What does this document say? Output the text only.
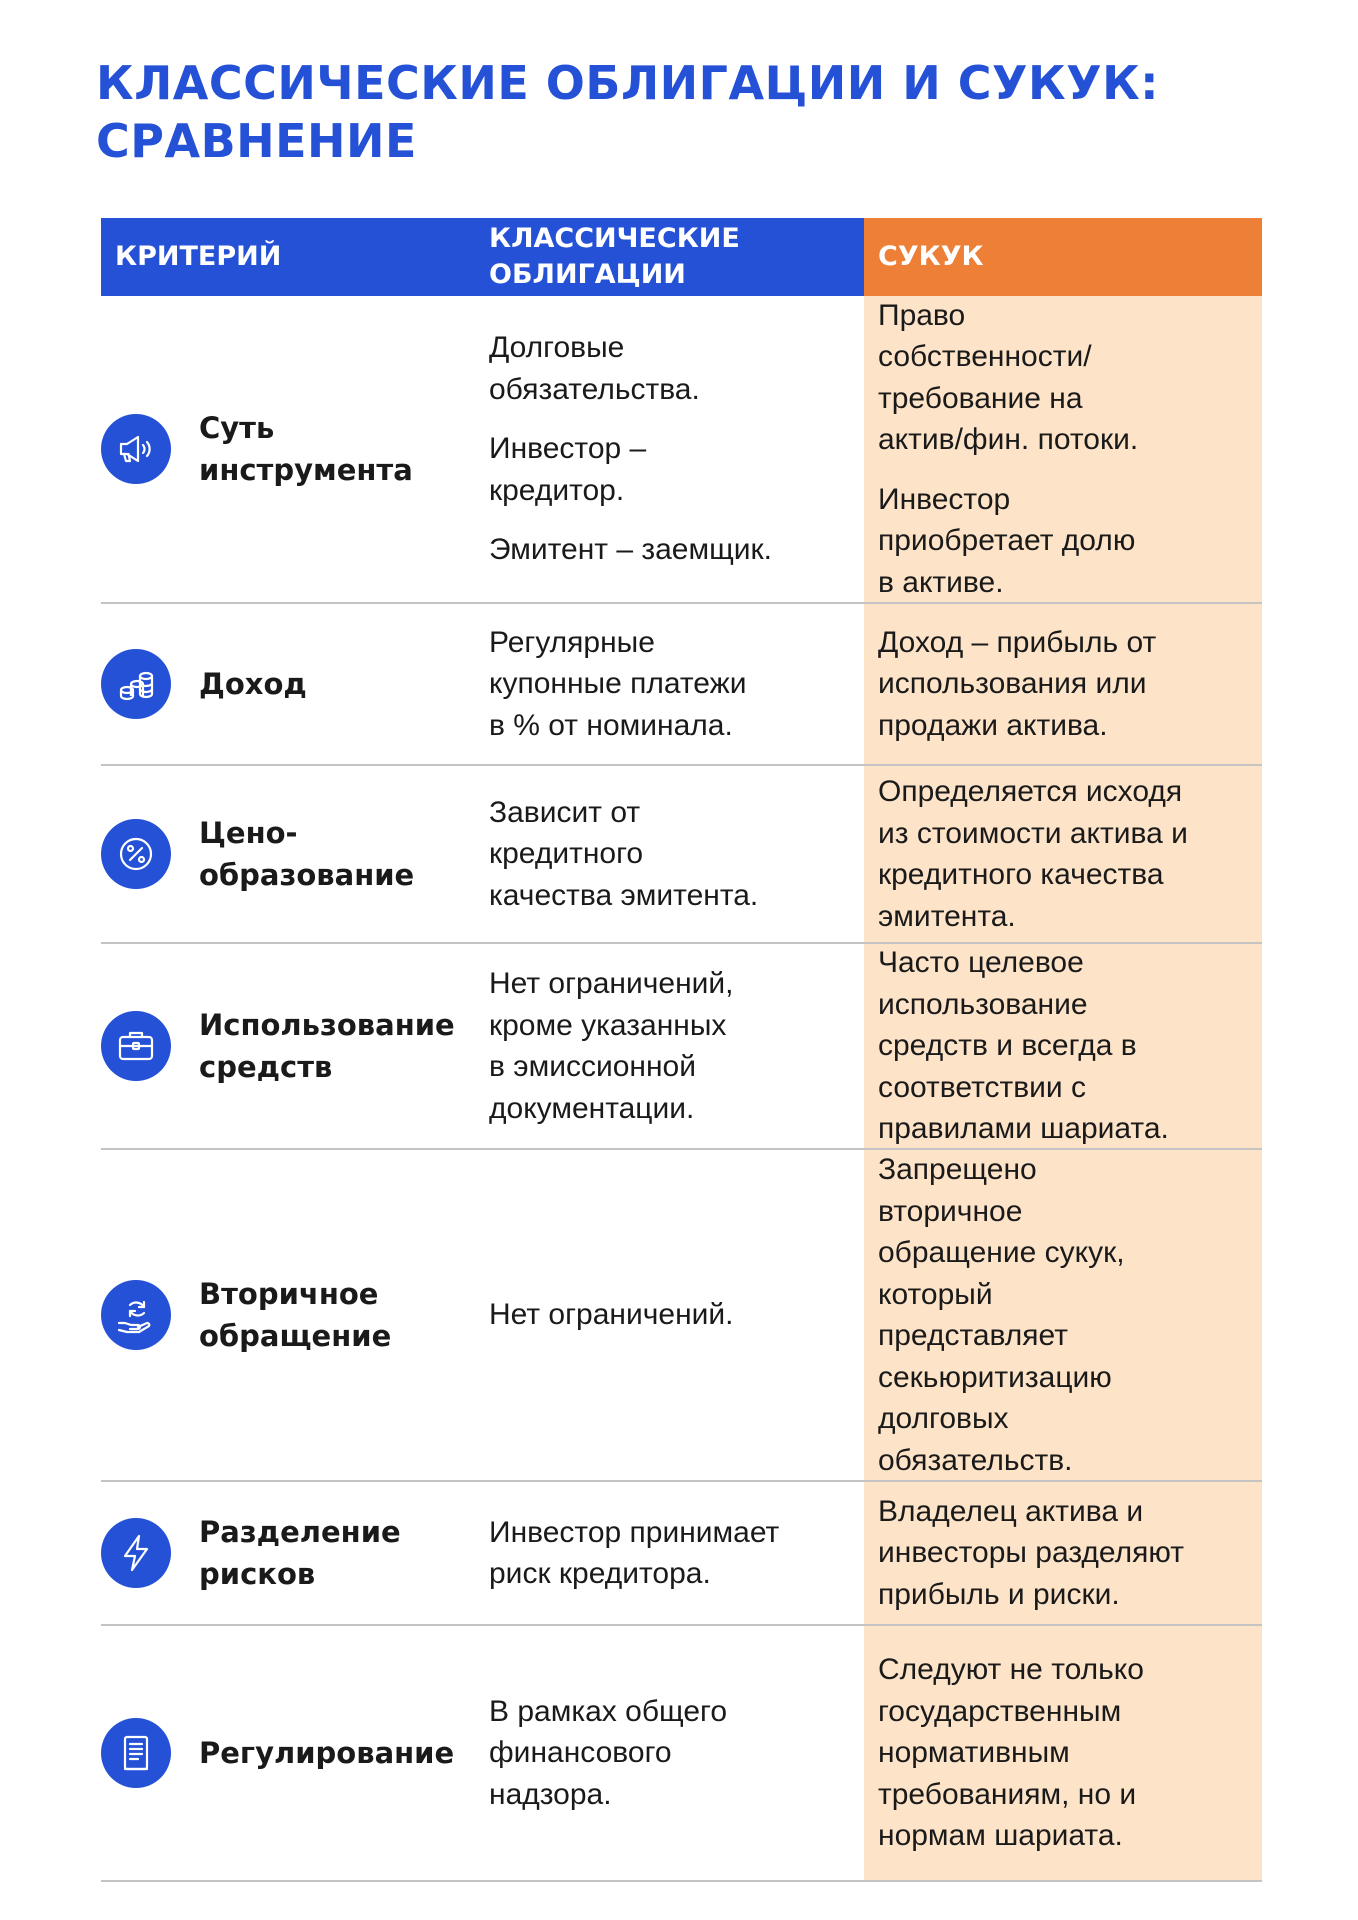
КЛАССИЧЕСКИЕ ОБЛИГАЦИИ И СУКУК:
СРАВНЕНИЕ
КРИТЕРИЙ
КЛАССИЧЕСКИЕ
ОБЛИГАЦИИ
СУКУК
Суть
инструмента
Долговые
обязательства.
Инвестор –
кредитор.
Эмитент – заемщик.
Право
собственности/
требование на
актив/фин. потоки.
Инвестор
приобретает долю
в активе.
Доход
Регулярные
купонные платежи
в % от номинала.
Доход – прибыль от
использования или
продажи актива.
Цено-
образование
Зависит от
кредитного
качества эмитента.
Определяется исходя
из стоимости актива и
кредитного качества
эмитента.
Использование
средств
Нет ограничений,
кроме указанных
в эмиссионной
документации.
Часто целевое
использование
средств и всегда в
соответствии с
правилами шариата.
Вторичное
обращение
Нет ограничений.
Запрещено
вторичное
обращение сукук,
который
представляет
секьюритизацию
долговых
обязательств.
Разделение
рисков
Инвестор принимает
риск кредитора.
Владелец актива и
инвесторы разделяют
прибыль и риски.
Регулирование
В рамках общего
финансового
надзора.
Следуют не только
государственным
нормативным
требованиям, но и
нормам шариата.
